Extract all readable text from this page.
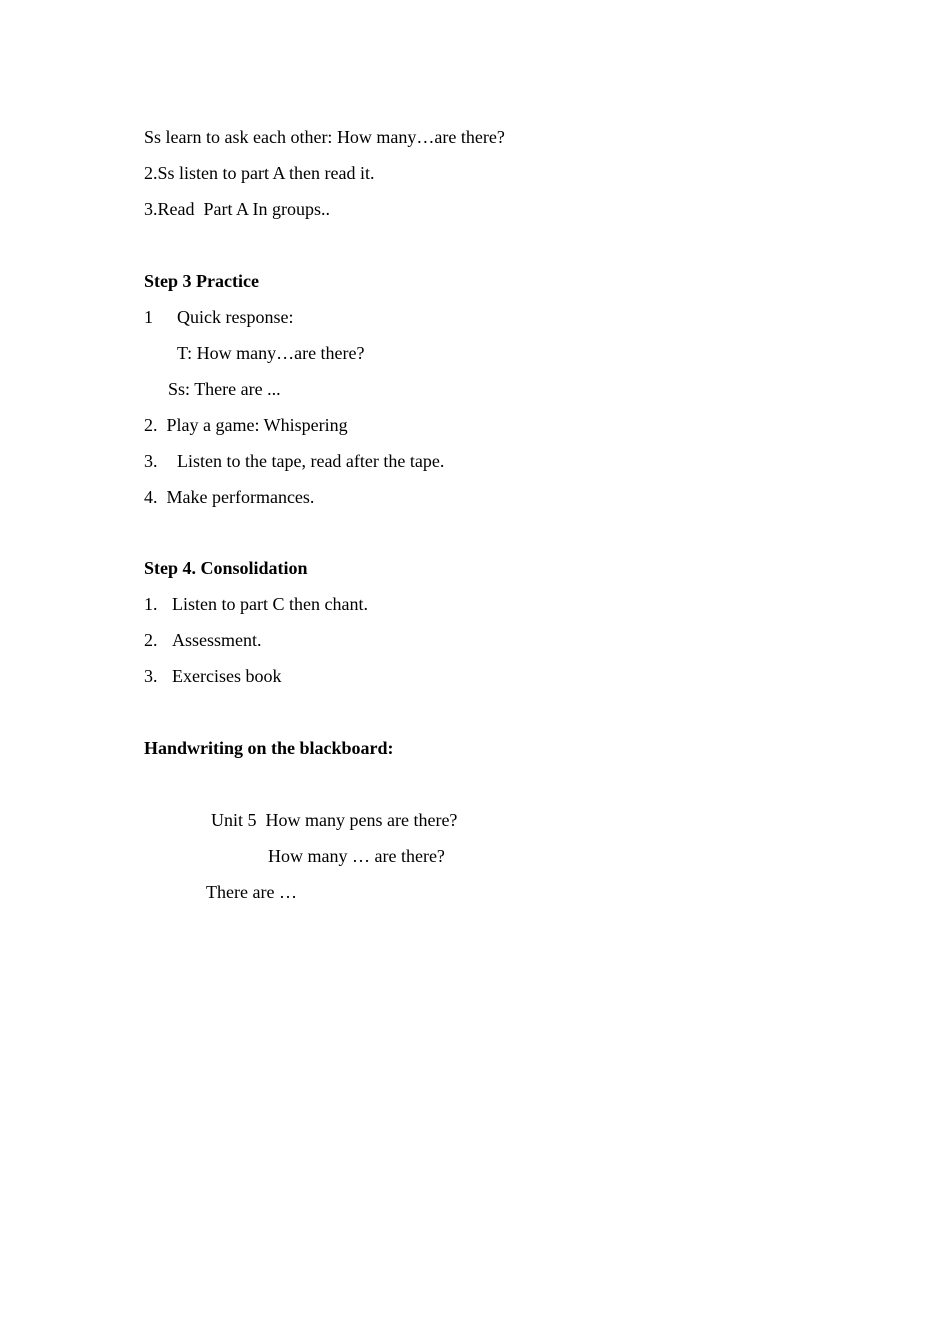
Ss learn to ask each other: How many…are there?
2.Ss listen to part A then read it.
3.Read  Part A In groups..
Step 3 Practice
1 Quick response:
T: How many…are there?
Ss: There are ...
2.  Play a game: Whispering
3. Listen to the tape, read after the tape.
4.  Make performances.
Step 4. Consolidation
1. Listen to part C then chant.
2. Assessment.
3. Exercises book
Handwriting on the blackboard:
Unit 5  How many pens are there?
How many … are there?
There are …
